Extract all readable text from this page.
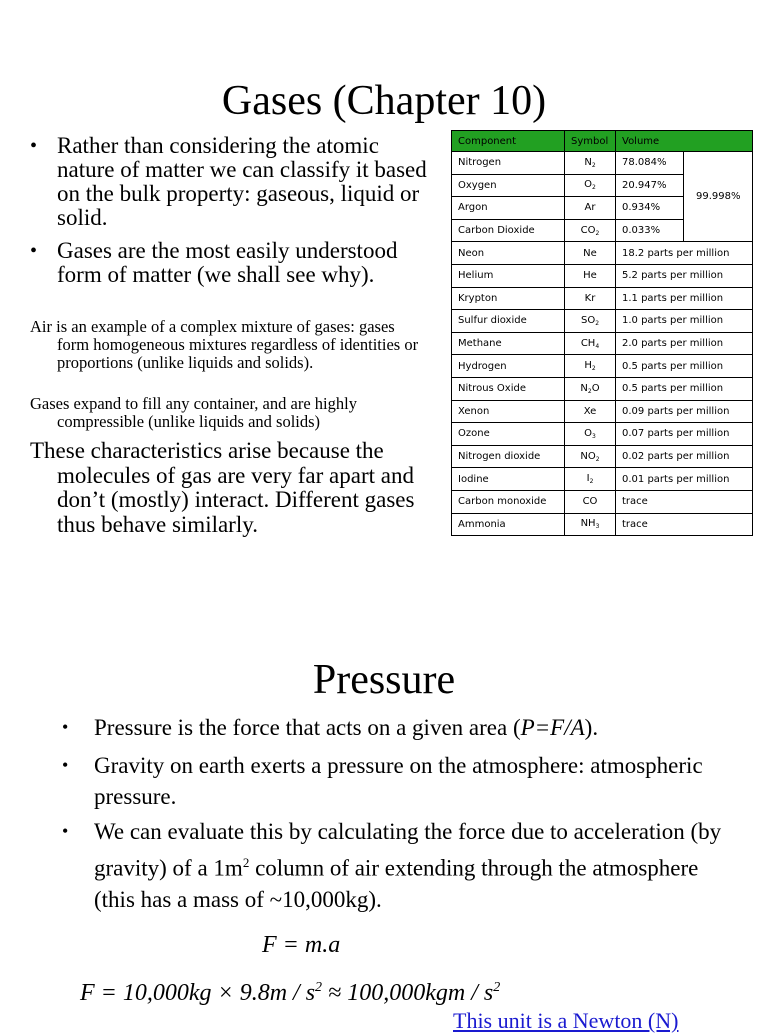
Gases (Chapter 10)
• Rather than considering the atomic nature of matter we can classify it based on the bulk property: gaseous, liquid or solid.
• Gases are the most easily understood form of matter (we shall see why).
Air is an example of a complex mixture of gases: gases form homogeneous mixtures regardless of identities or proportions (unlike liquids and solids).
Gases expand to fill any container, and are highly compressible (unlike liquids and solids)
These characteristics arise because the molecules of gas are very far apart and don’t (mostly) interact. Different gases thus behave similarly.
Component	Symbol	Volume	
Nitrogen	$N_2$	78.084%	99.998%
Oxygen	$O_2$	20.947%	
Argon	Ar	0.934%	
Carbon Dioxide	$CO_2$	0.033%	
Neon	Ne	18.2 parts per million	
Helium	He	5.2 parts per million	
Krypton	Kr	1.1 parts per million	
Sulfur dioxide	$SO_2$	1.0 parts per million	
Methane	$CH_4$	2.0 parts per million	
Hydrogen	$H_2$	0.5 parts per million	
Nitrous Oxide	$N_2O$	0.5 parts per million	
Xenon	Xe	0.09 parts per million	
Ozone	$O_3$	0.07 parts per million	
Nitrogen dioxide	$NO_2$	0.02 parts per million	
Iodine	$I_2$	0.01 parts per million	
Carbon monoxide	CO	trace	
Ammonia	$NH_3$	trace	
Pressure
•	Pressure is the force that acts on a given area (P=F/A).
•	Gravity on earth exerts a pressure on the atmosphere: atmospheric pressure.
•	We can evaluate this by calculating the force due to acceleration (by gravity) of a $1m^2$ column of air extending through the atmosphere (this has a mass of ~10,000kg).
F = m.a
$F = 10,000kg \times 9.8m / s^2 \approx 100,000kgm / s^2$
This unit is a Newton (N)
